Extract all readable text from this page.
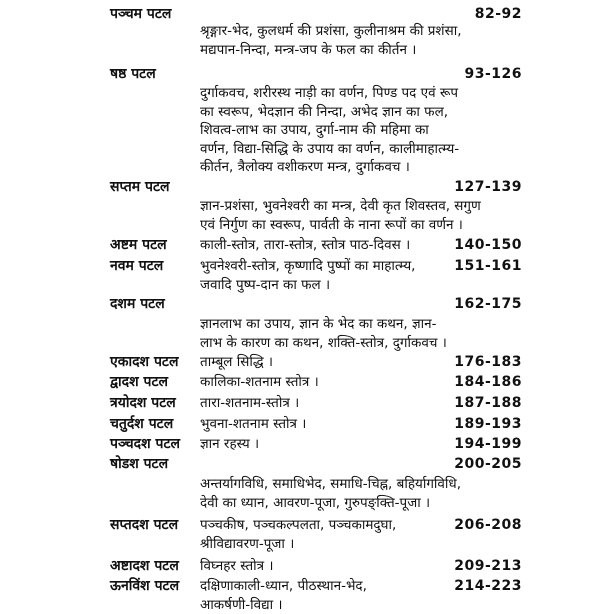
पञ्चम पटल	82-92
श्रृङ्गार-भेद, कुलधर्म की प्रशंसा, कुलीनाश्रम की प्रशंसा,
मद्यपान-निन्दा, मन्त्र-जप के फल का कीर्तन ।
षष्ठ पटल	93-126
दुर्गाकवच, शरीरस्थ नाड़ी का वर्णन, पिण्ड पद एवं रूप
का स्वरूप, भेदज्ञान की निन्दा, अभेद ज्ञान का फल,
शिवत्व-लाभ का उपाय, दुर्गा-नाम की महिमा का
वर्णन, विद्या-सिद्धि के उपाय का वर्णन, कालीमाहात्म्य-
कीर्तन, त्रैलोक्य वशीकरण मन्त्र, दुर्गाकवच ।
सप्तम पटल	127-139
ज्ञान-प्रशंसा, भुवनेश्वरी का मन्त्र, देवी कृत शिवस्तव, सगुण
एवं निर्गुण का स्वरूप, पार्वती के नाना रूपों का वर्णन ।
अष्टम पटल	140-150
काली-स्तोत्र, तारा-स्तोत्र, स्तोत्र पाठ-दिवस ।
नवम पटल	151-161
भुवनेश्वरी-स्तोत्र, कृष्णादि पुष्पों का माहात्म्य,
जवादि पुष्प-दान का फल ।
दशम पटल	162-175
ज्ञानलाभ का उपाय, ज्ञान के भेद का कथन, ज्ञान-
लाभ के कारण का कथन, शक्ति-स्तोत्र, दुर्गाकवच ।
एकादश पटल	176-183
ताम्बूल सिद्धि ।
द्वादश पटल	184-186
कालिका-शतनाम स्तोत्र ।
त्रयोदश पटल	187-188
तारा-शतनाम-स्तोत्र ।
चतुर्दश पटल	189-193
भुवना-शतनाम स्तोत्र ।
पञ्चदश पटल	194-199
ज्ञान रहस्य ।
षोडश पटल	200-205
अन्तर्यागविधि, समाधिभेद, समाधि-चिह्न, बहिर्यागविधि,
देवी का ध्यान, आवरण-पूजा, गुरुपङ्क्ति-पूजा ।
सप्तदश पटल	206-208
पञ्चकीष, पञ्चकल्पलता, पञ्चकामदुघा,
श्रीविद्यावरण-पूजा ।
अष्टादश पटल	209-213
विघ्नहर स्तोत्र ।
ऊनविंश पटल	214-223
दक्षिणाकाली-ध्यान, पीठस्थान-भेद,
आकर्षणी-विद्या ।
